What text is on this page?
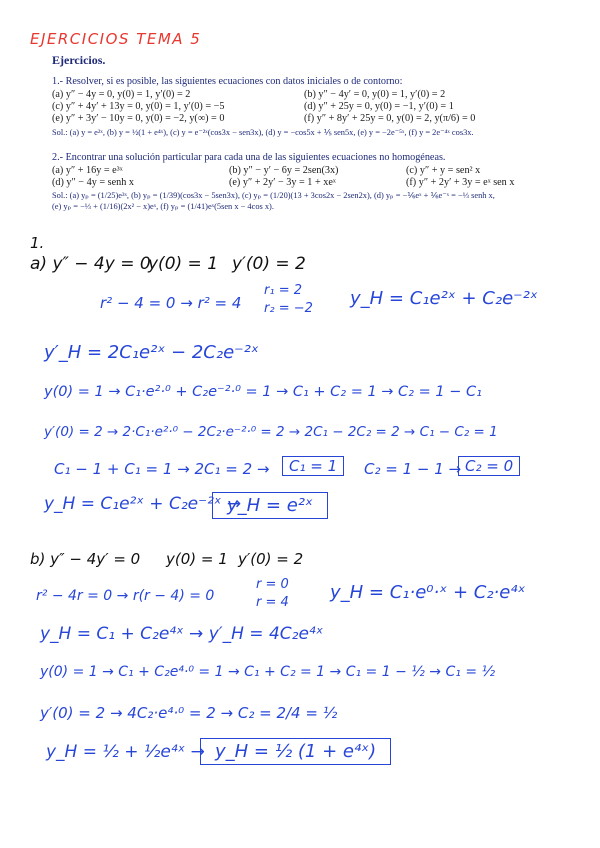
EJERCICIOS TEMA 5
Ejercicios.
1.- Resolver, si es posible, las siguientes ecuaciones con datos iniciales o de contorno:
(a) y″ − 4y = 0, y(0) = 1, y′(0) = 2	(b) y″ − 4y′ = 0, y(0) = 1, y′(0) = 2
(c) y″ + 4y′ + 13y = 0, y(0) = 1, y′(0) = −5	(d) y″ + 25y = 0, y(0) = −1, y′(0) = 1
(e) y″ + 3y′ − 10y = 0, y(0) = −2, y(∞) = 0	(f) y″ + 8y′ + 25y = 0, y(0) = 2, y(π/6) = 0
Sol.: (a) y = e²ˣ, (b) y = ½(1 + e⁴ˣ), (c) y = e⁻²ˣ(cos3x − sen3x), (d) y = −cos5x + ⅕ sen5x, (e) y = −2e⁻⁵ˣ, (f) y = 2e⁻⁴ˣ cos3x.
2.- Encontrar una solución particular para cada una de las siguientes ecuaciones no homogéneas.
(a) y″ + 16y = e³ˣ	(b) y″ − y′ − 6y = 2sen(3x)	(c) y″ + y = sen² x
(d) y″ − 4y = senh x	(e) y″ + 2y′ − 3y = 1 + xeˣ	(f) y″ + 2y′ + 3y = eˣ sen x
Sol.: (a) yₚ = (1/25)e³ˣ, (b) yₚ = (1/39)(cos3x − 5sen3x), (c) yₚ = (1/20)(13 + 3cos2x − 2sen2x), (d) yₚ = −⅙eˣ + ⅙e⁻ˣ = −⅓ senh x,
(e) yₚ = −⅓ + (1/16)(2x² − x)eˣ, (f) yₚ = (1/41)eˣ(5sen x − 4cos x).
1.
a) y″ − 4y = 0
y(0) = 1 y′(0) = 2
r² − 4 = 0 → r² = 4
r₁ = 2
r₂ = −2 y_H = C₁e²ˣ + C₂e⁻²ˣ
y′_H = 2C₁e²ˣ − 2C₂e⁻²ˣ
y(0) = 1 → C₁·e²·⁰ + C₂e⁻²·⁰ = 1 → C₁ + C₂ = 1 → C₂ = 1 − C₁
y′(0) = 2 → 2·C₁·e²·⁰ − 2C₂·e⁻²·⁰ = 2 → 2C₁ − 2C₂ = 2 → C₁ − C₂ = 1
C₁ − 1 + C₁ = 1 → 2C₁ = 2 →	C₁ = 1	C₂ = 1 − 1 → C₂ = 0
y_H = C₁e²ˣ + C₂e⁻²ˣ →
y_H = e²ˣ
b) y″ − 4y′ = 0 y(0) = 1 y′(0) = 2
r² − 4r = 0 → r(r − 4) = 0
r = 0
r = 4 y_H = C₁·e⁰·ˣ + C₂·e⁴ˣ
y_H = C₁ + C₂e⁴ˣ → y′_H = 4C₂e⁴ˣ
y(0) = 1 → C₁ + C₂e⁴·⁰ = 1 → C₁ + C₂ = 1 → C₁ = 1 − ½ → C₁ = ½
y′(0) = 2 → 4C₂·e⁴·⁰ = 2 → C₂ = 2/4 = ½
y_H = ½ + ½e⁴ˣ → y_H = ½ (1 + e⁴ˣ)
